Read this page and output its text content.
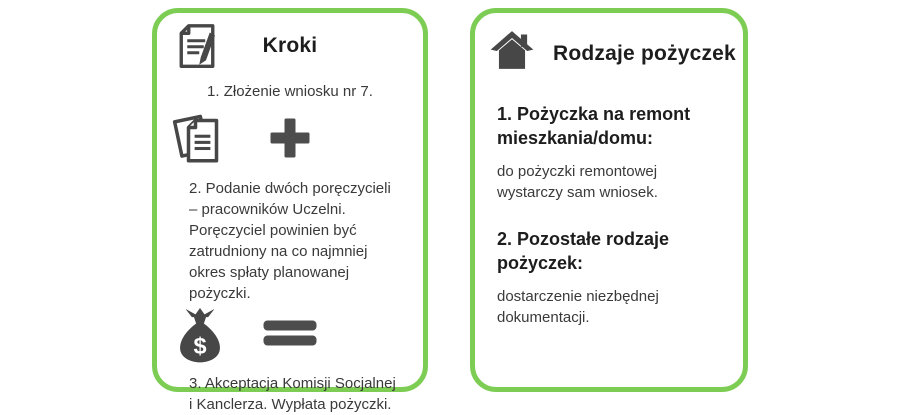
Kroki
1. Złożenie wniosku nr 7.
2. Podanie dwóch poręczycieli – pracowników Uczelni. Poręczyciel powinien być zatrudniony na co najmniej okres spłaty planowanej pożyczki.
$
3. Akceptacja Komisji Socjalnej i Kanclerza. Wypłata pożyczki.
Rodzaje pożyczek
1. Pożyczka na remont mieszkania/domu:
do pożyczki remontowej wystarczy sam wniosek.
2. Pozostałe rodzaje pożyczek:
dostarczenie niezbędnej dokumentacji.
